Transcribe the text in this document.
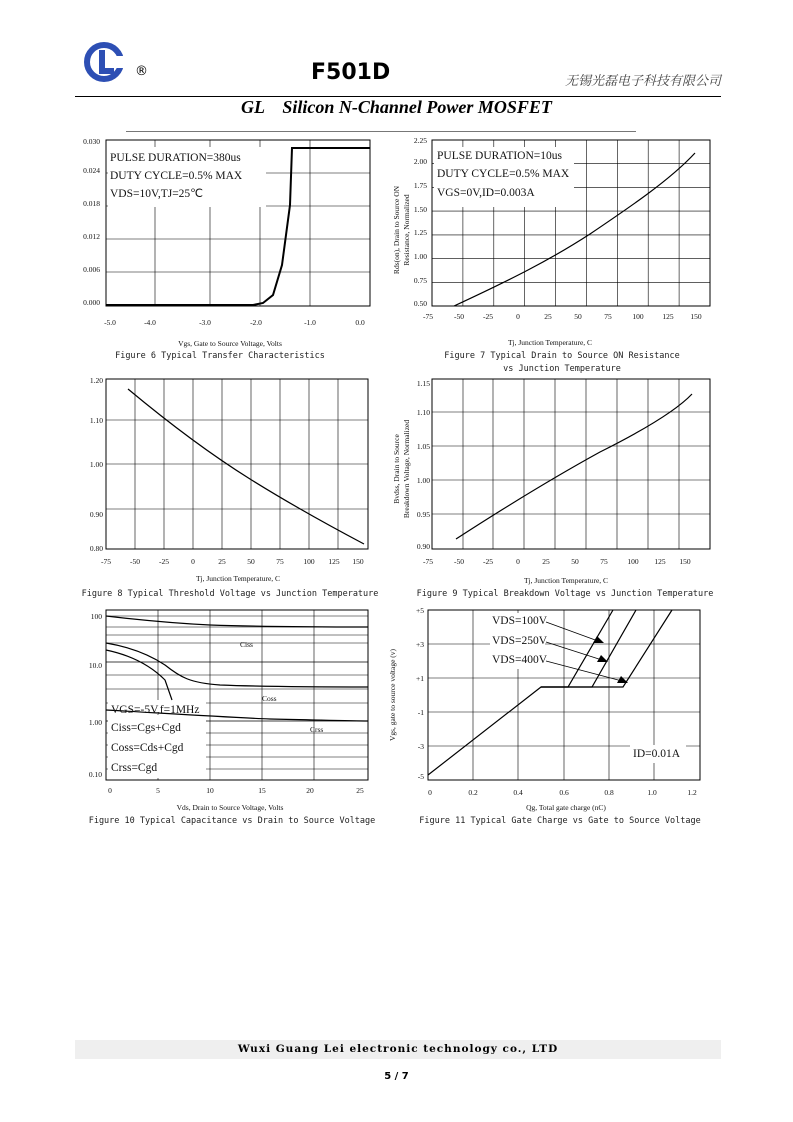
®	F501D	无锡光磊电子科技有限公司
GL    Silicon N-Channel Power MOSFET
PULSE DURATION=380us
DUTY CYCLE=0.5% MAX
VDS=10V,TJ=25℃
0.030
0.024
0.018
0.012
0.006
0.000
-5.0	-4.0	-3.0	-2.0	-1.0	0.0
Vgs, Gate to Source Voltage, Volts
Figure 6 Typical Transfer Characteristics
PULSE DURATION=10us
DUTY CYCLE=0.5% MAX
VGS=0V,ID=0.003A
2.25
2.00
1.75
1.50
1.25
1.00
0.75
0.50
-75	-50	-25	0	25	50	75	100	125 150
Rds(on), Drain to Source ON Resistance, Normalized
Tj, Junction Temperature, C
Figure 7 Typical Drain to Source ON Resistance
vs Junction Temperature
1.20
1.10
1.00
0.90
0.80
-75	-50	-25	0	25	50	75	100 125 150
Tj, Junction Temperature, C
Figure 8 Typical Threshold Voltage vs Junction Temperature
1.15
1.10
1.05
1.00
0.95
0.90
-75	-50	-25	0	25	50	75	100 125 150
Bvdss, Drain to Source Breakdown Voltage, Normalized
Tj, Junction Temperature, C
Figure 9 Typical Breakdown Voltage vs Junction Temperature
Ciss
Coss
Crss
VGS=-5V,f=1MHz
Ciss=Cgs+Cgd
Coss=Cds+Cgd
Crss=Cgd
100
10.0
1.00
0.10
0	5	10	15	20	25
Vds, Drain to Source Voltage, Volts
Figure 10 Typical Capacitance vs Drain to Source Voltage
VDS=100V
VDS=250V
VDS=400V
ID=0.01A
+5
+3
+1
-1
-3
-5
0	0.2	0.4	0.6	0.8	1.0	1.2
Vgs, gate to source voltage (v)
Qg, Total gate charge (nC)
Figure 11 Typical Gate Charge vs Gate to Source Voltage
Wuxi Guang Lei electronic technology co., LTD
5 / 7
